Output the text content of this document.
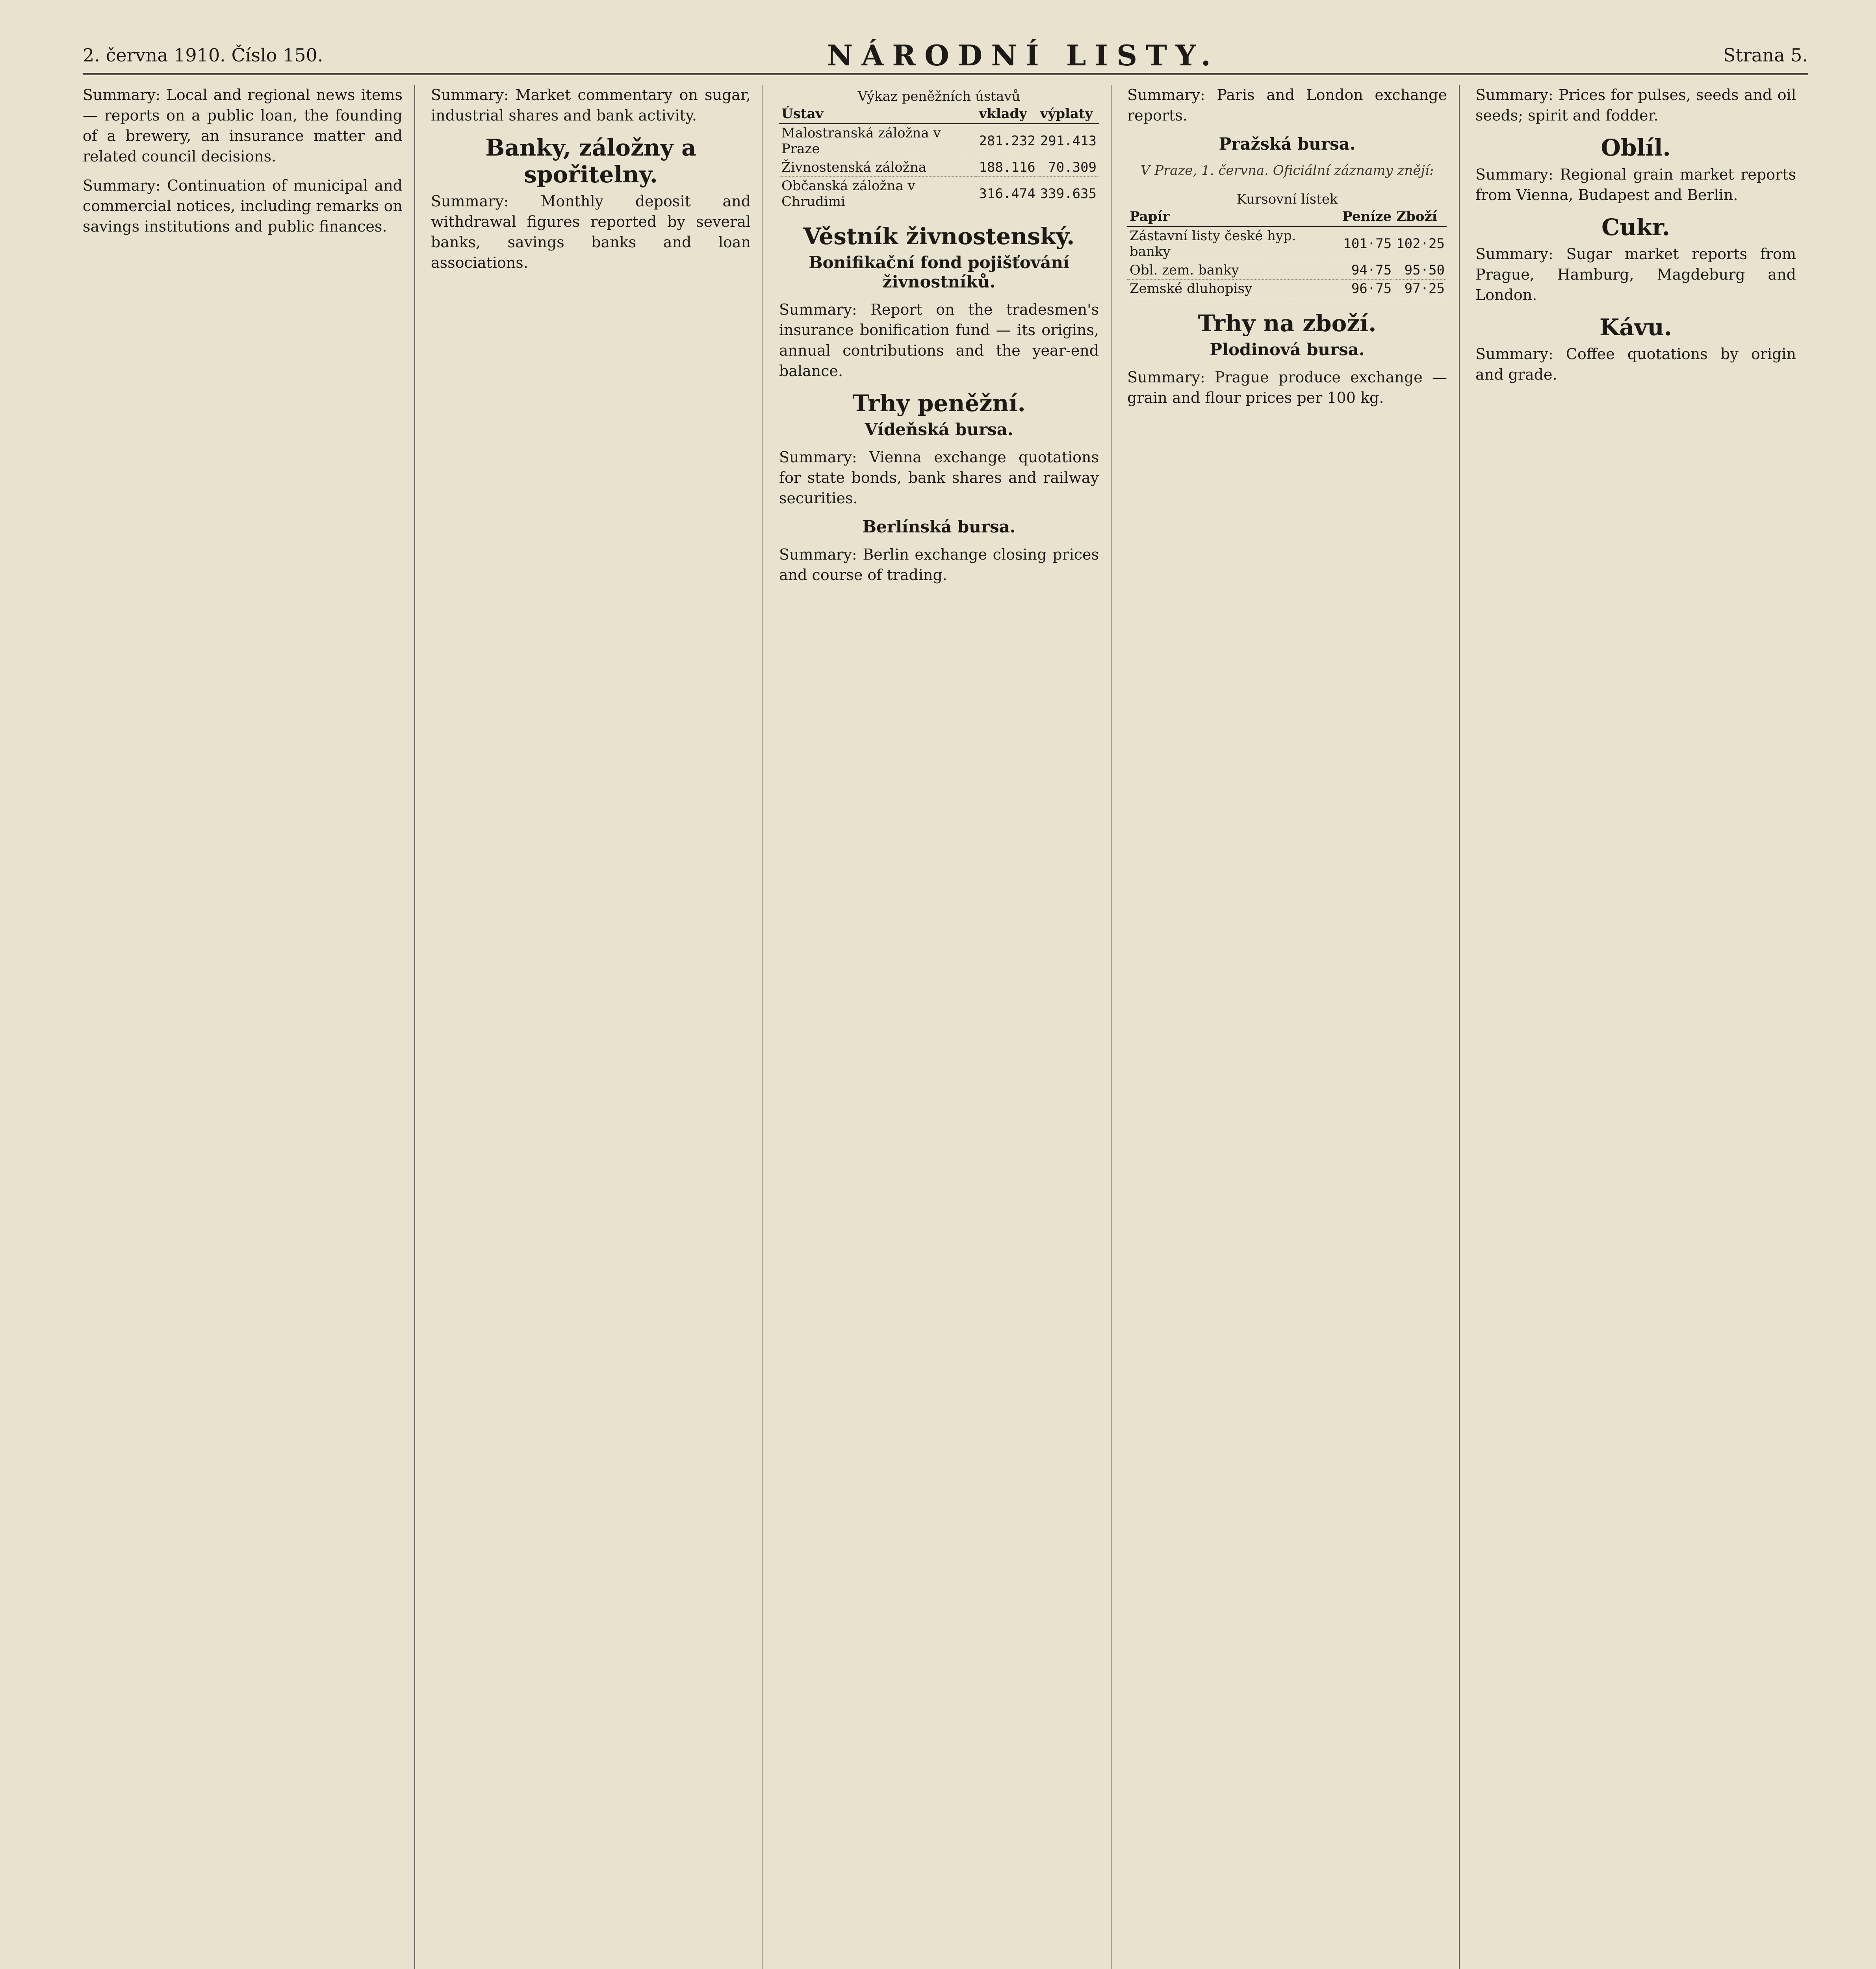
2. června 1910. Číslo 150.	NÁRODNÍ LISTY.	Strana 5.

Summary: Local and regional news items — reports on a public loan, the founding of a brewery, an insurance matter and related council decisions.

Summary: Continuation of municipal and commercial notices, including remarks on savings institutions and public finances.

Summary: Market commentary on sugar, industrial shares and bank activity.

Banky, záložny a spořitelny.

Summary: Monthly deposit and withdrawal figures reported by several banks, savings banks and loan associations.

Výkaz peněžních ústavů
Ústav	vklady	výplaty
Malostranská záložna v Praze	281.232	291.413
Živnostenská záložna	188.116	70.309
Občanská záložna v Chrudimi	316.474	339.635
Věstník živnostenský.
Bonifikační fond pojišťování živnostníků.

Summary: Report on the tradesmen's insurance bonification fund — its origins, annual contributions and the year-end balance.

Trhy peněžní.
Vídeňská bursa.

Summary: Vienna exchange quotations for state bonds, bank shares and railway securities.

Berlínská bursa.

Summary: Berlin exchange closing prices and course of trading.

Summary: Paris and London exchange reports.

Pražská bursa.
V Praze, 1. června. Oficiální záznamy znějí:
Kursovní lístek
Papír	Peníze	Zboží
Zástavní listy české hyp. banky	101·75	102·25
Obl. zem. banky	94·75	95·50
Zemské dluhopisy	96·75	97·25
Trhy na zboží.
Plodinová bursa.

Summary: Prague produce exchange — grain and flour prices per 100 kg.

Summary: Prices for pulses, seeds and oil seeds; spirit and fodder.

Oblíl.

Summary: Regional grain market reports from Vienna, Budapest and Berlin.

Cukr.

Summary: Sugar market reports from Prague, Hamburg, Magdeburg and London.

Kávu.

Summary: Coffee quotations by origin and grade.
